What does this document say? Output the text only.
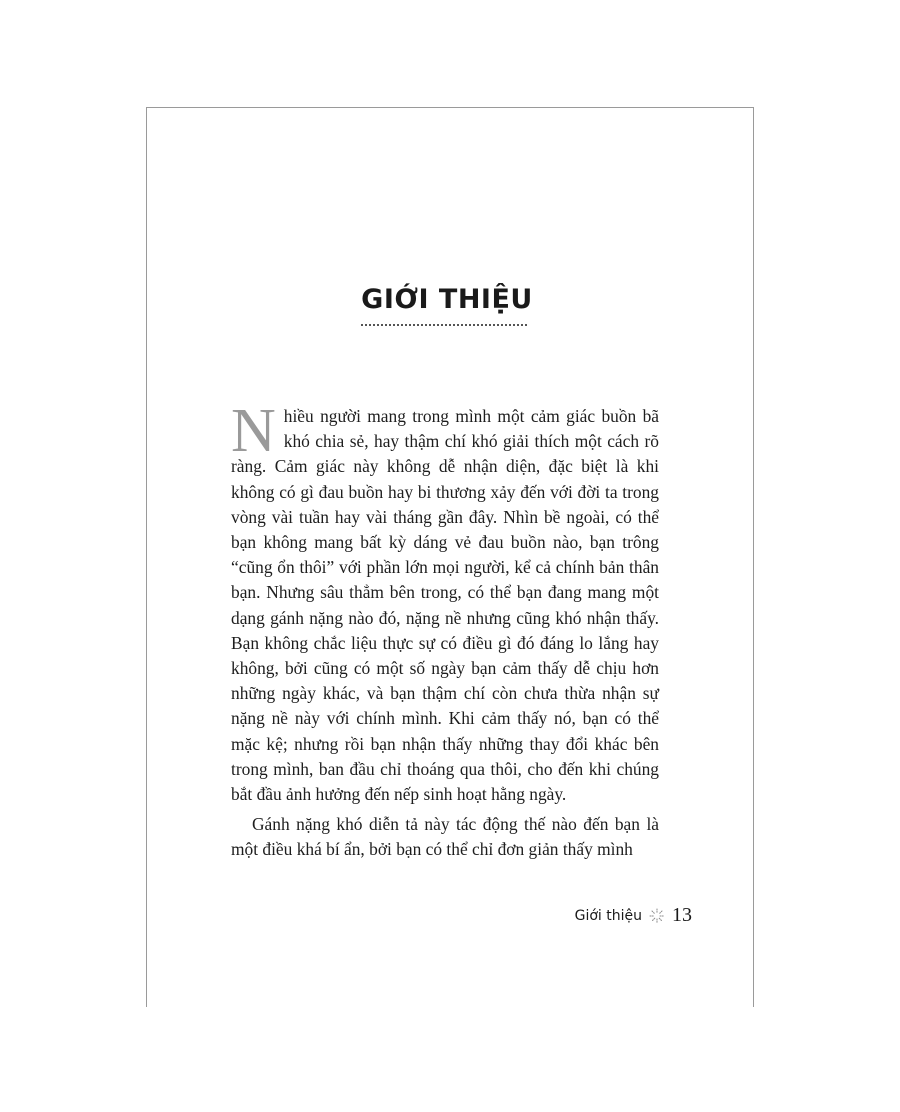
GIỚI THIỆU

Nhiều người mang trong mình một cảm giác buồn bã khó chia sẻ, hay thậm chí khó giải thích một cách rõ ràng. Cảm giác này không dễ nhận diện, đặc biệt là khi không có gì đau buồn hay bi thương xảy đến với đời ta trong vòng vài tuần hay vài tháng gần đây. Nhìn bề ngoài, có thể bạn không mang bất kỳ dáng vẻ đau buồn nào, bạn trông “cũng ổn thôi” với phần lớn mọi người, kể cả chính bản thân bạn. Nhưng sâu thẳm bên trong, có thể bạn đang mang một dạng gánh nặng nào đó, nặng nề nhưng cũng khó nhận thấy. Bạn không chắc liệu thực sự có điều gì đó đáng lo lắng hay không, bởi cũng có một số ngày bạn cảm thấy dễ chịu hơn những ngày khác, và bạn thậm chí còn chưa thừa nhận sự nặng nề này với chính mình. Khi cảm thấy nó, bạn có thể mặc kệ; nhưng rồi bạn nhận thấy những thay đổi khác bên trong mình, ban đầu chỉ thoáng qua thôi, cho đến khi chúng bắt đầu ảnh hưởng đến nếp sinh hoạt hằng ngày.

Gánh nặng khó diễn tả này tác động thế nào đến bạn là một điều khá bí ẩn, bởi bạn có thể chỉ đơn giản thấy mình

Giới thiệu 13
